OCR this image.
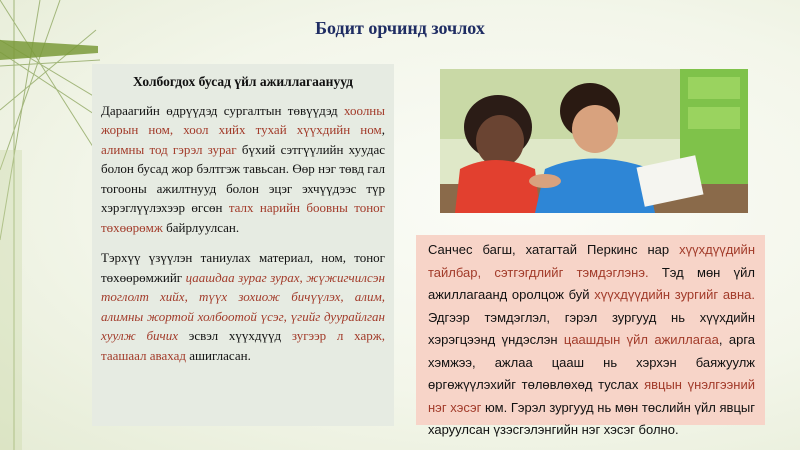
Бодит орчинд зочлох
Холбогдох бусад үйл ажиллагаанууд

Дараагийн өдрүүдэд сургалтын төвүүдэд хоолны жорын ном, хоол хийх тухай хүүхдийн ном, алимны тод гэрэл зураг бүхий сэтгүүлийн хуудас болон бусад жор бэлтгэж тавьсан. Өөр нэг төвд гал тогооны ажилтнууд болон эцэг эхчүүдээс түр хэрэглүүлэхээр өгсөн талх нарийн боовны тоног төхөөрөмж байрлуулсан.

Тэрхүү үзүүлэн таниулах материал, ном, тоног төхөөрөмжийг цаашдаа зураг зурах, жүжигчилсэн тоглолт хийх, түүх зохиож бичүүлэх, алим, алимны жортой холбоотой үсэг, үгийг дуурайлган хуулж бичих эсвэл хүүхдүүд зугээр л харж, таашаал авахад ашигласан.

Санчес багш, хатагтай Перкинс нар хүүхдүүдийн тайлбар, сэтгэгдлийг тэмдэглэнэ. Тэд мөн үйл ажиллагаанд оролцож буй хүүхдүүдийн зургийг авна. Эдгээр тэмдэглэл, гэрэл зургууд нь хүүхдийн хэрэгцээнд үндэслэн цаашдын үйл ажиллагаа, арга хэмжээ, ажлаа цааш нь хэрхэн баяжуулж өргөжүүлэхийг төлөвлөхөд туслах явцын үнэлгээний нэг хэсэг юм. Гэрэл зургууд нь мөн төслийн үйл явцыг харуулсан үзэсгэлэнгийн нэг хэсэг болно.
